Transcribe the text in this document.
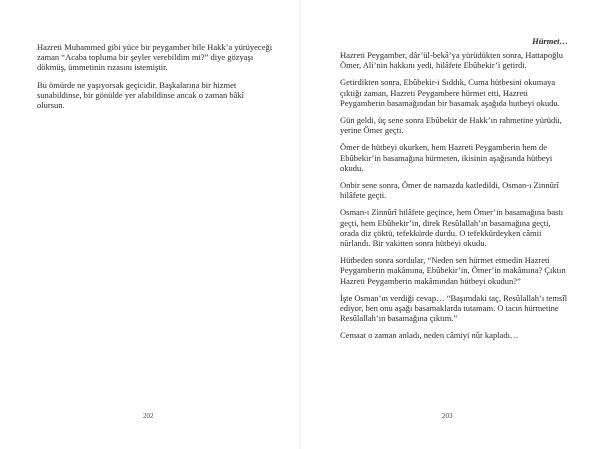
Hazreti Muhammed gibi yüce bir peygamber bile Hakk’a yürüyeceği zaman “Acaba topluma bir şeyler verebildim mi?” diye gözyaşı dökmüş, ümmetinin rızasını istemiştir.

Bu ömürde ne yaşıyorsak geçicidir. Başkalarına bir hizmet sunabildinse, bir gönülde yer alabildinse ancak o zaman bâkî olursun.

202
Hürmet…

Hazreti Peygamber, dâr’ül-bekâ’ya yürüdükten sonra, Hattapoğlu Ömer, Ali’nin hakkını yedi, hilâfete Ebûbekir’i getirdi.

Getirdikten sonra, Ebûbekir-i Sıddık, Cuma hütbesini okumaya çıktığı zaman, Hazreti Peygambere hürmet etti, Hazreti Peygamberin basamağından bir basamak aşağıda hutbeyi okudu.

Gün geldi, üç sene sonra Ebûbekir de Hakk’ın rahmetine yürüdü, yerine Ömer geçti.

Ömer de hütbeyi okurken, hem Hazreti Peygamberin hem de Ebûbekir’in basamağına hürmeten, ikisinin aşağısında hütbeyi okudu.

Onbir sene sonra, Ömer de namazda katledildi, Osman-ı Zinnûrî hilâfete geçti.

Osman-ı Zinnûrî hilâfete geçince, hem Ömer’in basamağına bastı geçti, hem Ebûbekir’in, direk Resûlallah’ın basamağına geçti, orada diz çöktü, tefekkürde durdu. O tefekkürdeyken câmii nûrlandı. Bir vakitten sonra hütbeyi okudu.

Hütbeden sonra sordular, “Neden sen hürmet etmedin Hazreti Peygamberin makâmına, Ebûbekir’in, Ömer’in makâmına? Çıktın Hazreti Peygamberin makâmından hütbeyi okudun?”

İşte Osman’ın verdiği cevap… “Başımdaki taç, Resûlallah’ı temsîl ediyor, ben onu aşağı basamaklarda tutamam. O tacın hürmetine Resûlallah’ın basamağına çıktım.”

Cemaat o zaman anladı, neden câmiyi nûr kapladı…

203
